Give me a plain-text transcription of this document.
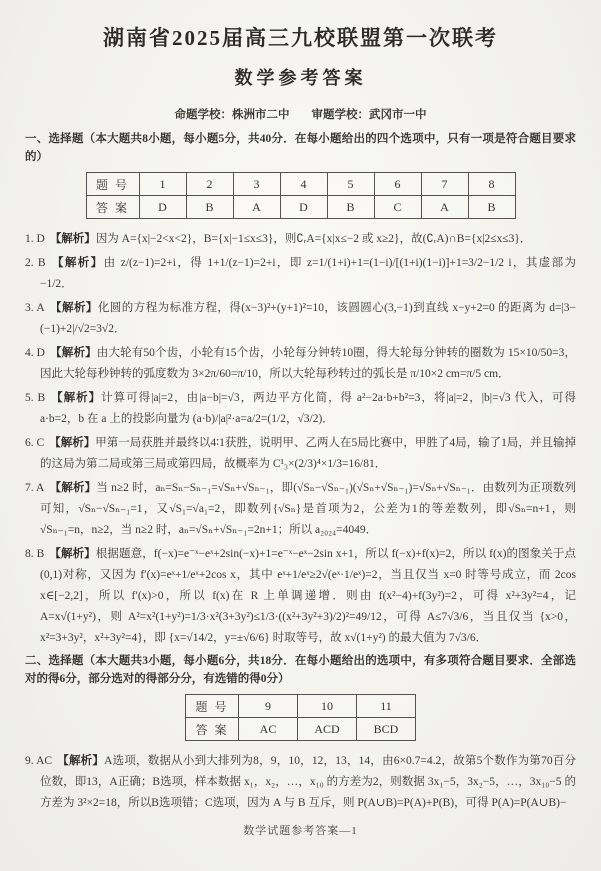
湖南省2025届高三九校联盟第一次联考
数学参考答案
命题学校：株洲市二中 审题学校：武冈市一中
一、选择题（本大题共8小题，每小题5分，共40分．在每小题给出的四个选项中，只有一项是符合题目要求的）
题 号	1	2	3	4	5	6	7	8
答 案	D	B	A	D	B	C	A	B
1. D 【解析】因为 A={x|−2<x<2}，B={x|−1≤x≤3}，则∁ᵣA={x|x≤−2 或 x≥2}，故(∁ᵣA)∩B={x|2≤x≤3}．
2. B 【解析】由 z/(z−1)=2+i，得 1+1/(z−1)=2+i，即 z=1/(1+i)+1=(1−i)/[(1+i)(1−i)]+1=3/2−1/2 i，其虚部为−1/2．
3. A 【解析】化圆的方程为标准方程，得(x−3)²+(y+1)²=10，该圆圆心(3,−1)到直线 x−y+2=0 的距离为 d=|3−(−1)+2|/√2=3√2．
4. D 【解析】由大轮有50个齿，小轮有15个齿，小轮每分钟转10圈，得大轮每分钟转的圈数为 15×10/50=3，因此大轮每秒钟转的弧度数为 3×2π/60=π/10，所以大轮每秒转过的弧长是 π/10×2 cm=π/5 cm．
5. B 【解析】计算可得|a|=2，由|a−b|=√3，两边平方化简，得 a²−2a·b+b²=3，将|a|=2，|b|=√3 代入，可得 a·b=2，b 在 a 上的投影向量为 (a·b)/|a|²·a=a/2=(1/2，√3/2)．
6. C 【解析】甲第一局获胜并最终以4∶1获胜，说明甲、乙两人在5局比赛中，甲胜了4局，输了1局，并且输掉的这局为第二局或第三局或第四局，故概率为 C¹₃×(2/3)⁴×1/3=16/81．
7. A 【解析】当 n≥2 时，aₙ=Sₙ−Sₙ₋₁=√Sₙ+√Sₙ₋₁，即(√Sₙ−√Sₙ₋₁)(√Sₙ+√Sₙ₋₁)=√Sₙ+√Sₙ₋₁．由数列为正项数列可知，√Sₙ−√Sₙ₋₁=1，又√S₁=√a₁=2，即数列{√Sₙ}是首项为2，公差为1的等差数列，即√Sₙ=n+1，则√Sₙ₋₁=n，n≥2，当 n≥2 时，aₙ=√Sₙ+√Sₙ₋₁=2n+1；所以 a₂₀₂₄=4049．
8. B 【解析】根据题意，f(−x)=e⁻ˣ−eˣ+2sin(−x)+1=e⁻ˣ−eˣ−2sin x+1，所以 f(−x)+f(x)=2，所以 f(x)的图象关于点(0,1)对称，又因为 f′(x)=eˣ+1/eˣ+2cos x，其中 eˣ+1/eˣ≥2√(eˣ·1/eˣ)=2，当且仅当 x=0 时等号成立，而 2cos x∈[−2,2]，所以 f′(x)>0，所以 f(x)在 R 上单调递增．则由 f(x²−4)+f(3y²)=2，可得 x²+3y²=4，记 A=x√(1+y²)，则 A²=x²(1+y²)=1/3·x²(3+3y²)≤1/3·((x²+3y²+3)/2)²=49/12，可得 A≤7√3/6，当且仅当 {x>0，x²=3+3y²，x²+3y²=4}，即 {x=√14/2，y=±√6/6} 时取等号，故 x√(1+y²) 的最大值为 7√3/6．
二、选择题（本大题共3小题，每小题6分，共18分．在每小题给出的选项中，有多项符合题目要求．全部选对的得6分，部分选对的得部分分，有选错的得0分）
题 号	9	10	11
答 案	AC	ACD	BCD
9. AC 【解析】A选项，数据从小到大排列为8，9，10，12，13，14，由6×0.7=4.2，故第5个数作为第70百分位数，即13，A正确；B选项，样本数据 x₁，x₂，…，x₁₀ 的方差为2，则数据 3x₁−5，3x₂−5，…，3x₁₀−5 的方差为 3²×2=18，所以B选项错；C选项，因为 A 与 B 互斥，则 P(A∪B)=P(A)+P(B)，可得 P(A)=P(A∪B)−
数学试题参考答案—1
